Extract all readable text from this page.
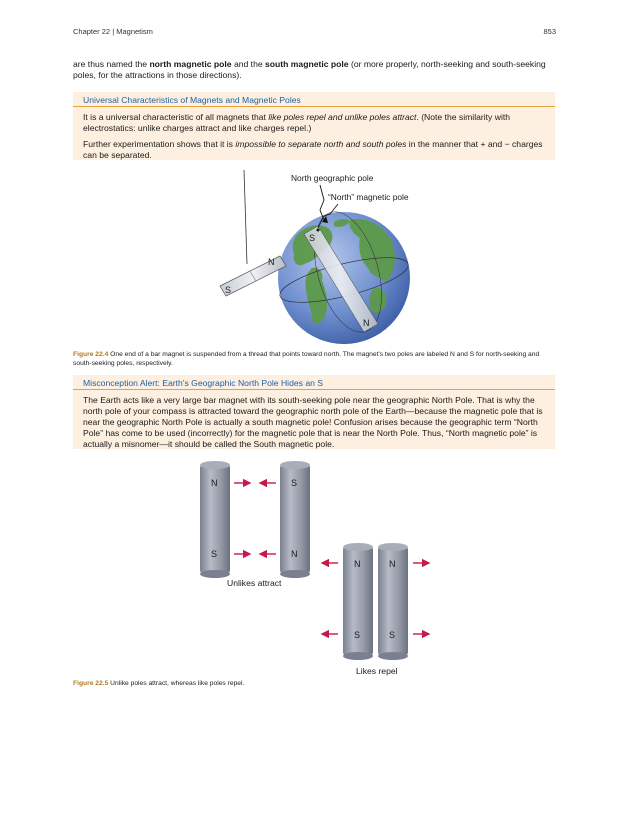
Chapter 22 | Magnetism	853
are thus named the north magnetic pole and the south magnetic pole (or more properly, north-seeking and south-seeking poles, for the attractions in those directions).
Universal Characteristics of Magnets and Magnetic Poles

It is a universal characteristic of all magnets that like poles repel and unlike poles attract. (Note the similarity with electrostatics: unlike charges attract and like charges repel.)

Further experimentation shows that it is impossible to separate north and south poles in the manner that + and − charges can be separated.

S
N
N
S
North geographic pole
“North” magnetic pole
Figure 22.4 One end of a bar magnet is suspended from a thread that points toward north. The magnet's two poles are labeled N and S for north-seeking and south-seeking poles, respectively.
Misconception Alert: Earth's Geographic North Pole Hides an S

The Earth acts like a very large bar magnet with its south-seeking pole near the geographic North Pole. That is why the north pole of your compass is attracted toward the geographic north pole of the Earth—because the magnetic pole that is near the geographic North Pole is actually a south magnetic pole! Confusion arises because the geographic term “North Pole” has come to be used (incorrectly) for the magnetic pole that is near the North Pole. Thus, “North magnetic pole” is actually a misnomer—it should be called the South magnetic pole.

N
S
S
N
Unlikes attract
N
S
N
S
Likes repel
Figure 22.5 Unlike poles attract, whereas like poles repel.
